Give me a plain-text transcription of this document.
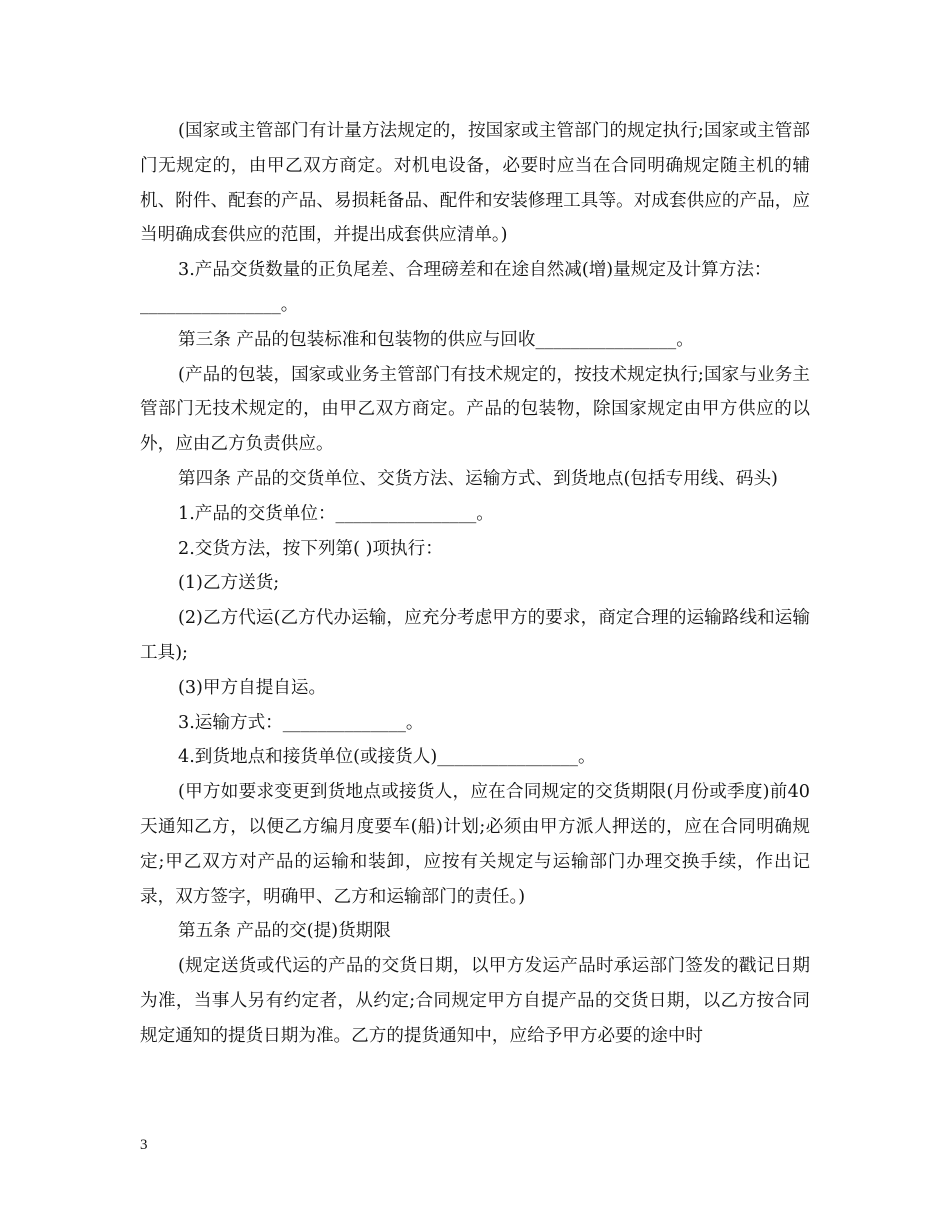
(国家或主管部门有计量方法规定的，按国家或主管部门的规定执行;国家或主管部门无规定的，由甲乙双方商定。对机电设备，必要时应当在合同明确规定随主机的辅机、附件、配套的产品、易损耗备品、配件和安装修理工具等。对成套供应的产品，应当明确成套供应的范围，并提出成套供应清单。)

3.产品交货数量的正负尾差、合理磅差和在途自然减(增)量规定及计算方法：

________________。

第三条 产品的包装标准和包装物的供应与回收________________。

(产品的包装，国家或业务主管部门有技术规定的，按技术规定执行;国家与业务主管部门无技术规定的，由甲乙双方商定。产品的包装物，除国家规定由甲方供应的以外，应由乙方负责供应。

第四条 产品的交货单位、交货方法、运输方式、到货地点(包括专用线、码头)

1.产品的交货单位：________________。

2.交货方法，按下列第( )项执行：

(1)乙方送货;

(2)乙方代运(乙方代办运输，应充分考虑甲方的要求，商定合理的运输路线和运输工具);

(3)甲方自提自运。

3.运输方式：______________。

4.到货地点和接货单位(或接货人)________________。

(甲方如要求变更到货地点或接货人，应在合同规定的交货期限(月份或季度)前40天通知乙方，以便乙方编月度要车(船)计划;必须由甲方派人押送的，应在合同明确规定;甲乙双方对产品的运输和装卸，应按有关规定与运输部门办理交换手续，作出记录，双方签字，明确甲、乙方和运输部门的责任。)

第五条 产品的交(提)货期限

(规定送货或代运的产品的交货日期，以甲方发运产品时承运部门签发的戳记日期为准，当事人另有约定者，从约定;合同规定甲方自提产品的交货日期，以乙方按合同规定通知的提货日期为准。乙方的提货通知中，应给予甲方必要的途中时

3
